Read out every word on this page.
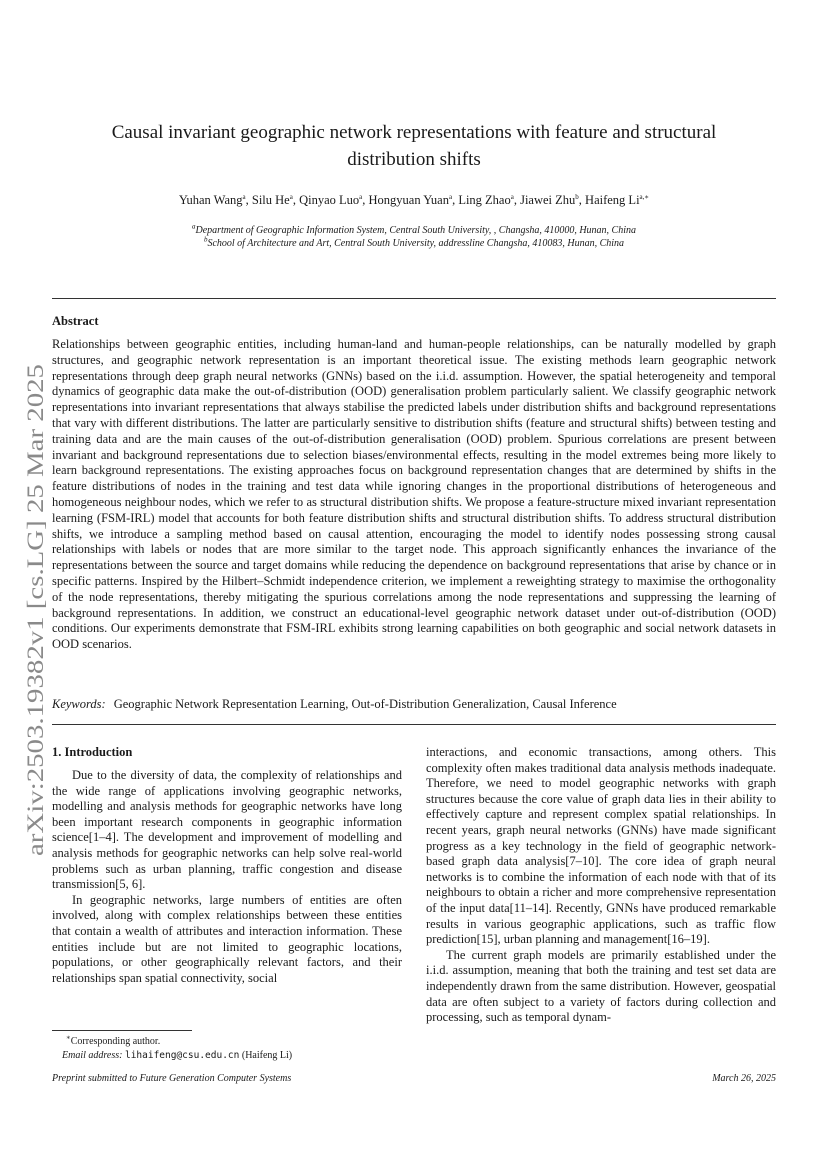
arXiv:2503.19382v1 [cs.LG] 25 Mar 2025
Causal invariant geographic network representations with feature and structural
distribution shifts
Yuhan Wang$^a$, Silu He$^a$, Qinyao Luo$^a$, Hongyuan Yuan$^a$, Ling Zhao$^a$, Jiawei Zhu$^b$, Haifeng $Li^{a,∗}$
$^a$Department of Geographic Information System, Central South University, , Changsha, 410000, Hunan, China
$^b$School of Architecture and Art, Central South University, addressline Changsha, 410083, Hunan, China
Abstract
Relationships between geographic entities, including human-land and human-people relationships, can be naturally modelled by graph structures, and geographic network representation is an important theoretical issue. The existing methods learn geographic network representations through deep graph neural networks (GNNs) based on the i.i.d. assumption. However, the spatial heterogeneity and temporal dynamics of geographic data make the out-of-distribution (OOD) generalisation problem particularly salient. We classify geographic network representations into invariant representations that always stabilise the predicted labels under distribution shifts and background representations that vary with different distributions. The latter are particularly sensitive to distribution shifts (feature and structural shifts) between testing and training data and are the main causes of the out-of-distribution generalisation (OOD) problem. Spurious correlations are present between invariant and background representations due to selection biases/environmental effects, resulting in the model extremes being more likely to learn background representations. The existing approaches focus on background representation changes that are determined by shifts in the feature distributions of nodes in the training and test data while ignoring changes in the proportional distributions of heterogeneous and homogeneous neighbour nodes, which we refer to as structural distribution shifts. We propose a feature-structure mixed invariant representation learning (FSM-IRL) model that accounts for both feature distribution shifts and structural distribution shifts. To address structural distribution shifts, we introduce a sampling method based on causal attention, encouraging the model to identify nodes possessing strong causal relationships with labels or nodes that are more similar to the target node. This approach significantly enhances the invariance of the representations between the source and target domains while reducing the dependence on background representations that arise by chance or in specific patterns. Inspired by the Hilbert–Schmidt independence criterion, we implement a reweighting strategy to maximise the orthogonality of the node representations, thereby mitigating the spurious correlations among the node representations and suppressing the learning of background representations. In addition, we construct an educational-level geographic network dataset under out-of-distribution (OOD) conditions. Our experiments demonstrate that FSM-IRL exhibits strong learning capabilities on both geographic and social network datasets in OOD scenarios.
Keywords: Geographic Network Representation Learning, Out-of-Distribution Generalization, Causal Inference
1. Introduction

Due to the diversity of data, the complexity of relationships and the wide range of applications involving geographic networks, modelling and analysis methods for geographic networks have long been important research components in geographic information science[1–4]. The development and improvement of modelling and analysis methods for geographic networks can help solve real-world problems such as urban planning, traffic congestion and disease transmission[5, 6].

In geographic networks, large numbers of entities are often involved, along with complex relationships between these entities that contain a wealth of attributes and interaction information. These entities include but are not limited to geographic locations, populations, or other geographically relevant factors, and their relationships span spatial connectivity, social

interactions, and economic transactions, among others. This complexity often makes traditional data analysis methods inadequate. Therefore, we need to model geographic networks with graph structures because the core value of graph data lies in their ability to effectively capture and represent complex spatial relationships. In recent years, graph neural networks (GNNs) have made significant progress as a key technology in the field of geographic network-based graph data analysis[7–10]. The core idea of graph neural networks is to combine the information of each node with that of its neighbours to obtain a richer and more comprehensive representation of the input data[11–14]. Recently, GNNs have produced remarkable results in various geographic applications, such as traffic flow prediction[15], urban planning and management[16–19].

The current graph models are primarily established under the i.i.d. assumption, meaning that both the training and test set data are independently drawn from the same distribution. However, geospatial data are often subject to a variety of factors during collection and processing, such as temporal dynam-

∗Corresponding author.
Email address: lihaifeng@csu.edu.cn (Haifeng Li)
Preprint submitted to Future Generation Computer Systems	March 26, 2025
